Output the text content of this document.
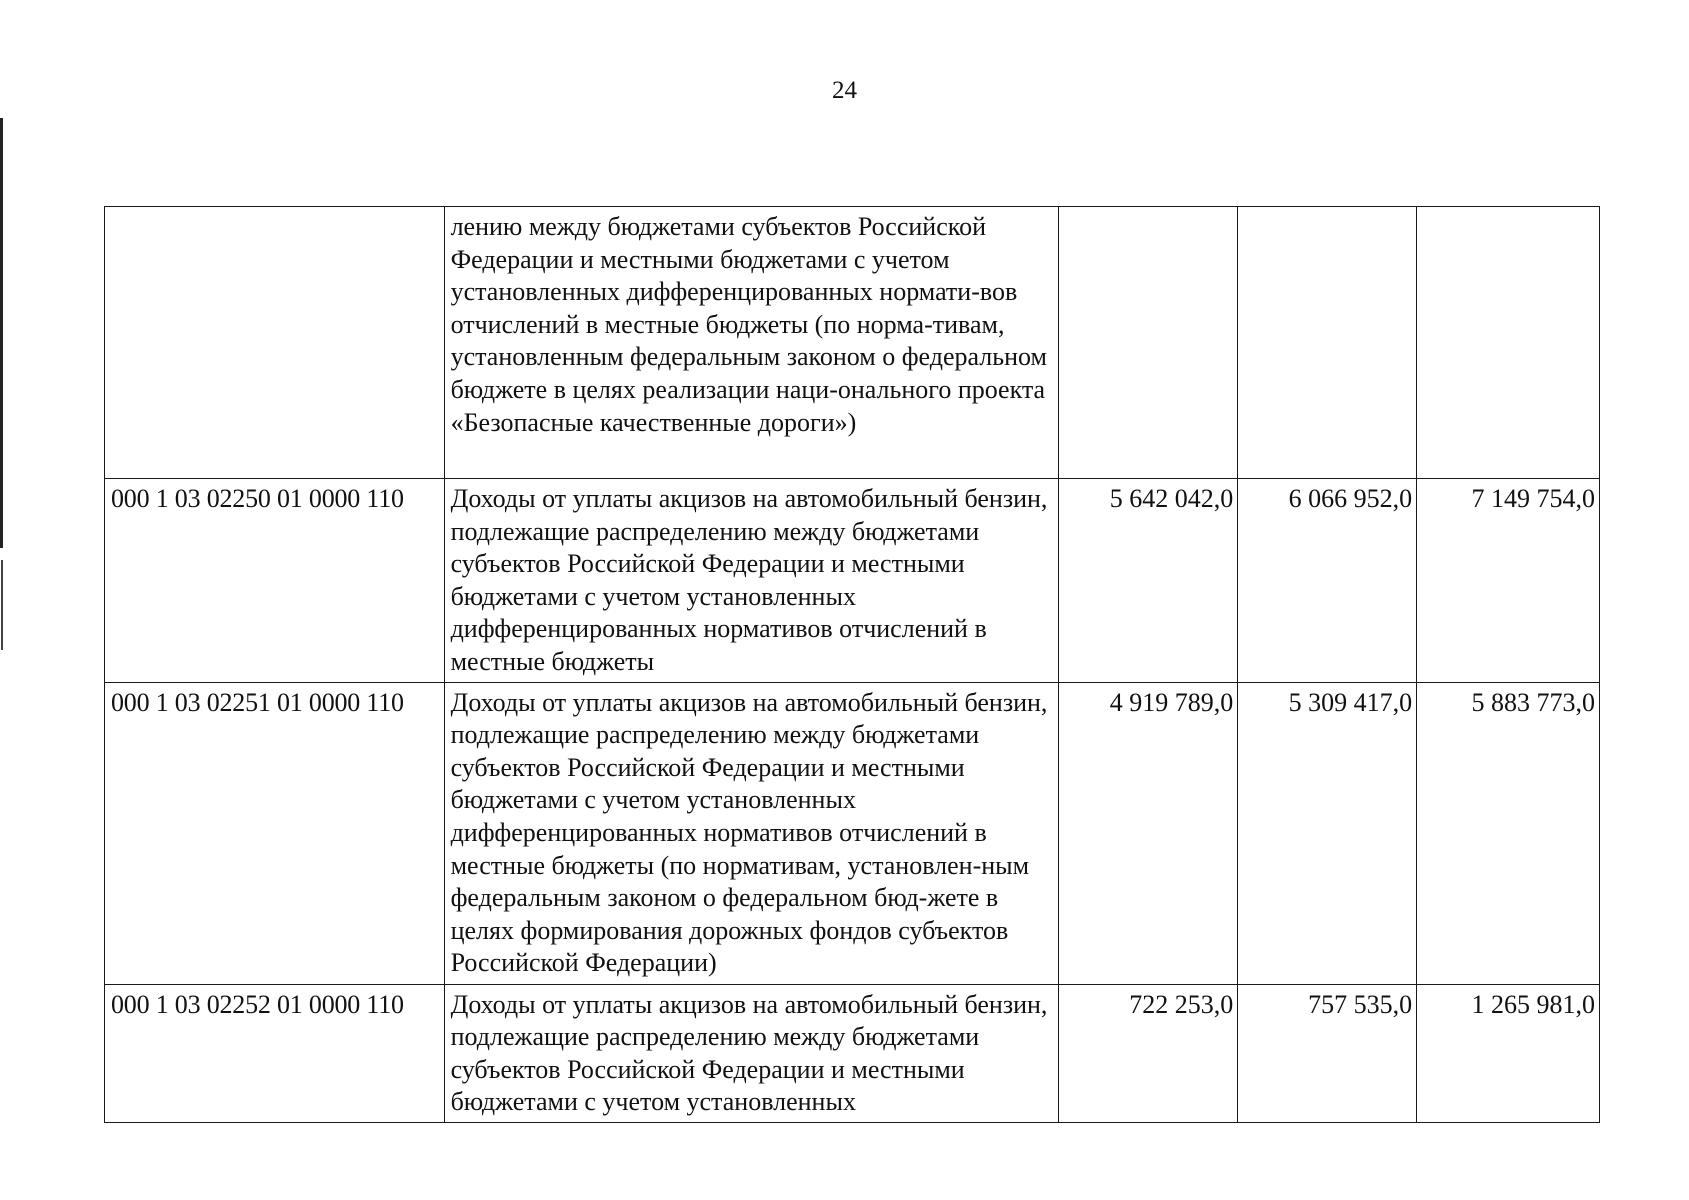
24

	лению между бюджетами субъектов Российской Федерации и местными бюджетами с учетом установленных дифференцированных нормати-вов отчислений в местные бюджеты (по норма-тивам, установленным федеральным законом о федеральном бюджете в целях реализации наци-онального проекта «Безопасные качественные дороги»)			

000 1 03 02250 01 0000 110	Доходы от уплаты акцизов на автомобильный бензин, подлежащие распределению между бюджетами субъектов Российской Федерации и местными бюджетами с учетом установленных дифференцированных нормативов отчислений в местные бюджеты	5 642 042,0	6 066 952,0	7 149 754,0
000 1 03 02251 01 0000 110	Доходы от уплаты акцизов на автомобильный бензин, подлежащие распределению между бюджетами субъектов Российской Федерации и местными бюджетами с учетом установленных дифференцированных нормативов отчислений в местные бюджеты (по нормативам, установлен-ным федеральным законом о федеральном бюд-жете в целях формирования дорожных фондов субъектов Российской Федерации)	4 919 789,0	5 309 417,0	5 883 773,0
000 1 03 02252 01 0000 110	Доходы от уплаты акцизов на автомобильный бензин, подлежащие распределению между бюджетами субъектов Российской Федерации и местными бюджетами с учетом установленных	722 253,0	757 535,0	1 265 981,0
